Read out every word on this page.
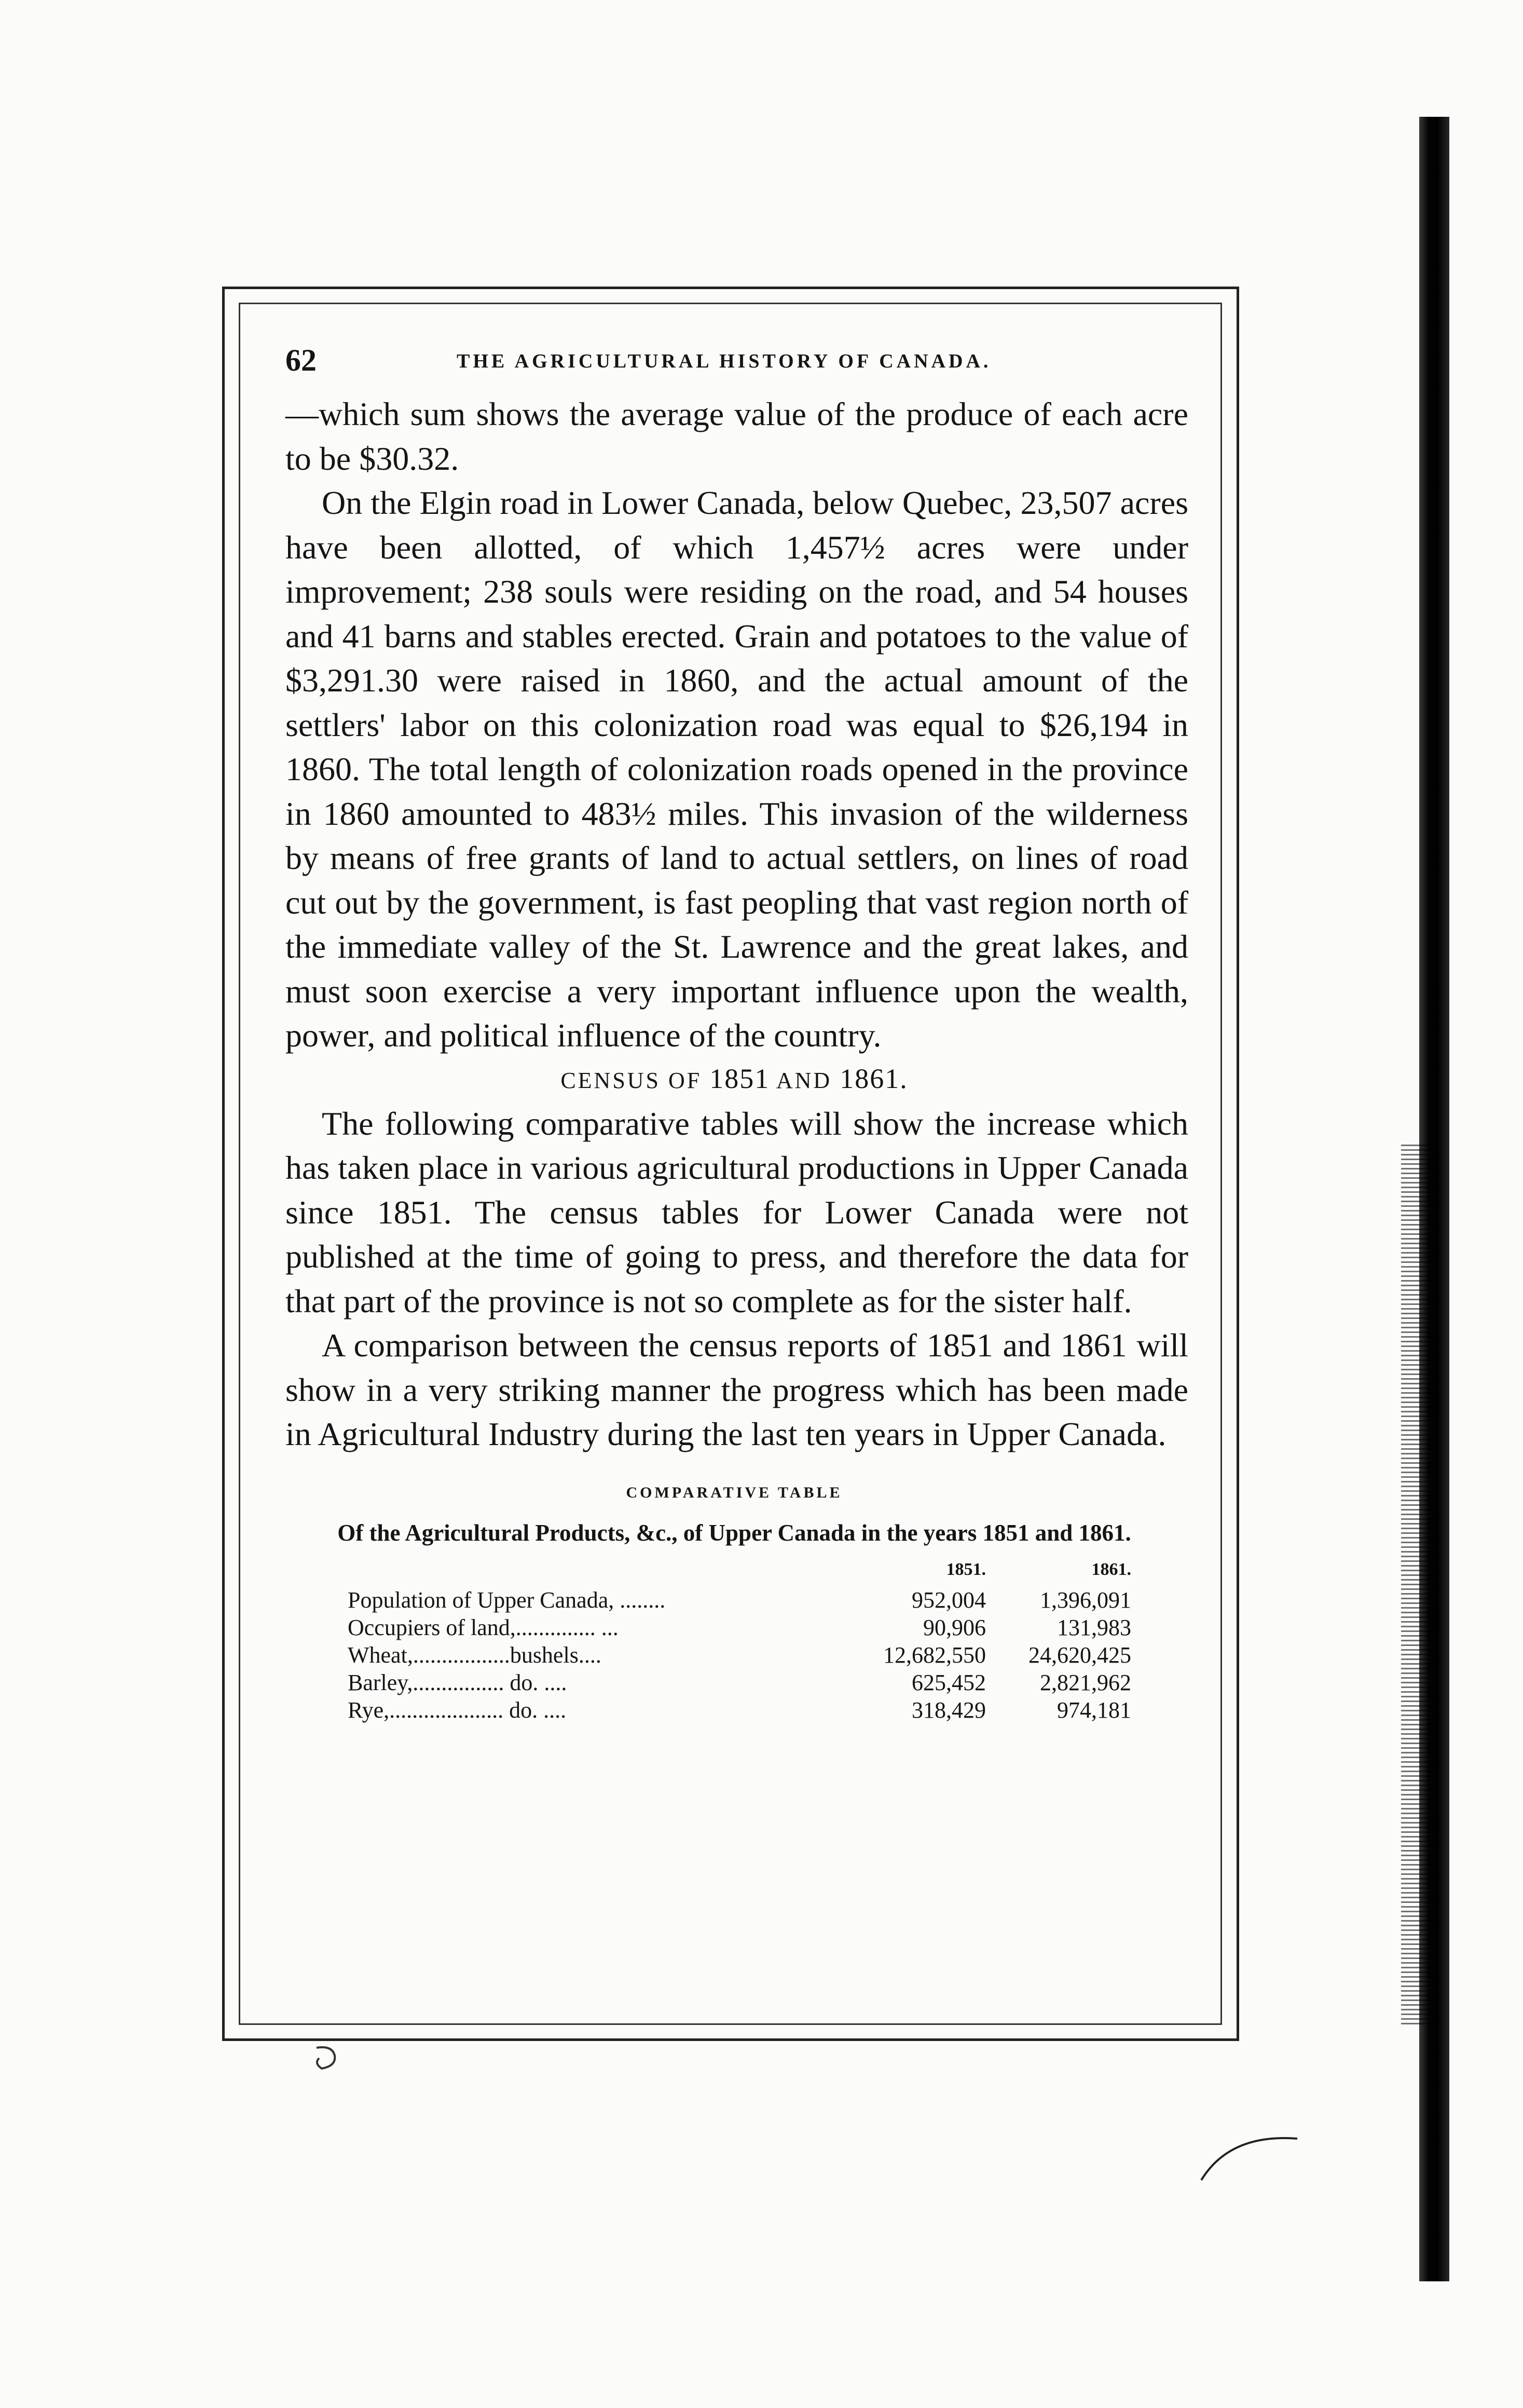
62	THE AGRICULTURAL HISTORY OF CANADA.

—which sum shows the average value of the produce of each acre to be $30.32.

On the Elgin road in Lower Canada, below Quebec, 23,507 acres have been allotted, of which 1,457½ acres were under improvement; 238 souls were residing on the road, and 54 houses and 41 barns and stables erected. Grain and potatoes to the value of $3,291.30 were raised in 1860, and the actual amount of the settlers' labor on this colonization road was equal to $26,194 in 1860. The total length of colonization roads opened in the province in 1860 amounted to 483½ miles. This invasion of the wilderness by means of free grants of land to actual settlers, on lines of road cut out by the government, is fast peopling that vast region north of the immediate valley of the St. Lawrence and the great lakes, and must soon exercise a very important influence upon the wealth, power, and political influence of the country.

CENSUS OF 1851 AND 1861.

The following comparative tables will show the increase which has taken place in various agricultural productions in Upper Canada since 1851. The census tables for Lower Canada were not published at the time of going to press, and therefore the data for that part of the province is not so complete as for the sister half.

A comparison between the census reports of 1851 and 1861 will show in a very striking manner the progress which has been made in Agricultural Industry during the last ten years in Upper Canada.

COMPARATIVE TABLE
Of the Agricultural Products, &c., of Upper Canada in the years 1851 and 1861.
	1851.	1861.
Population of Upper Canada, ........	952,004	1,396,091
Occupiers of land,.............. ...	90,906	131,983
Wheat,.................bushels....	12,682,550	24,620,425
Barley,................ do. ....	625,452	2,821,962
Rye,.................... do. ....	318,429	974,181
